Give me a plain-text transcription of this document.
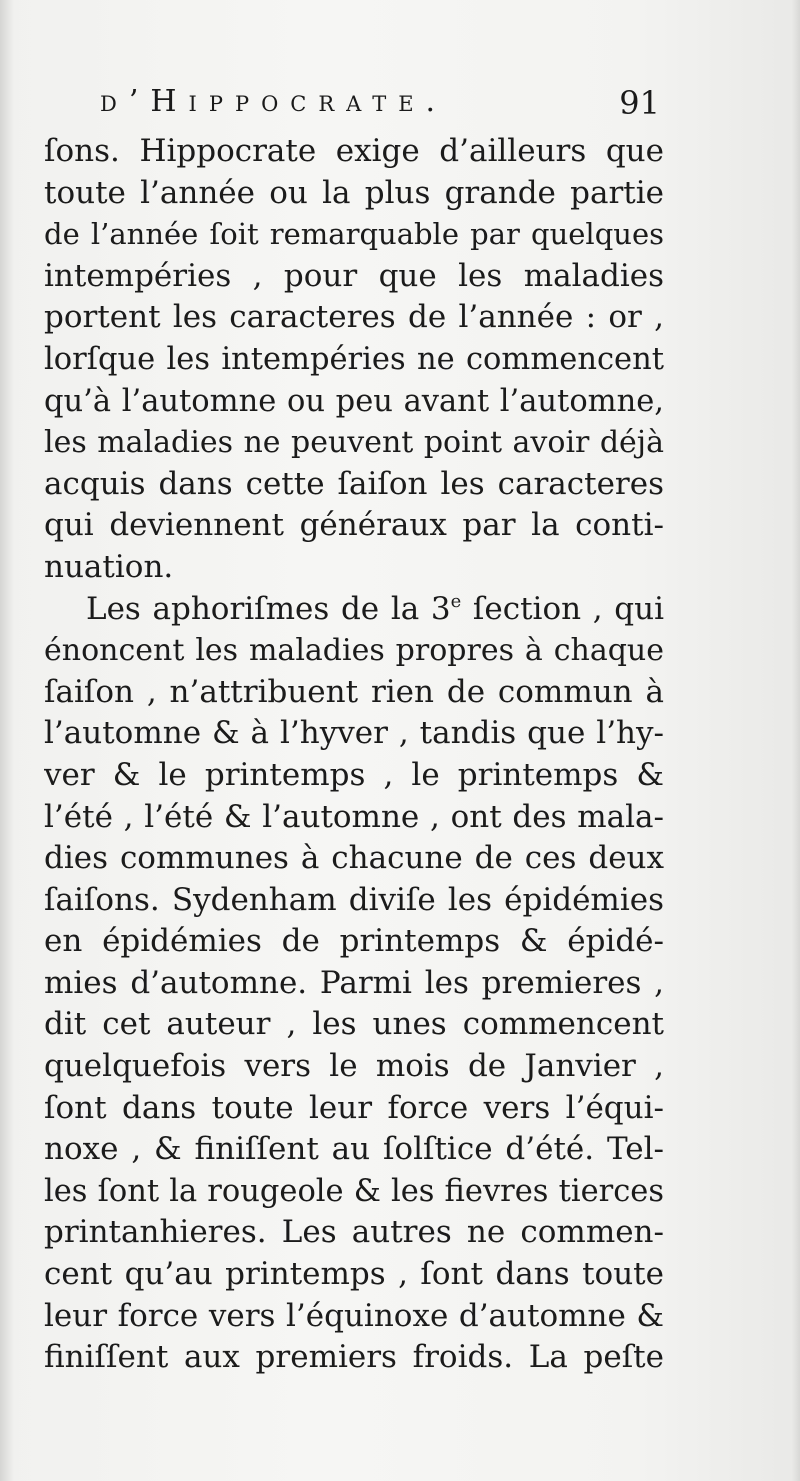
d’Hippocrate.	91
ſons. Hippocrate exige d’ailleurs que
toute l’année ou la plus grande partie
de l’année ſoit remarquable par quelques
intempéries , pour que les maladies
portent les caracteres de l’année : or ,
lorſque les intempéries ne commencent
qu’à l’automne ou peu avant l’automne,
les maladies ne peuvent point avoir déjà
acquis dans cette ſaiſon les caracteres
qui deviennent généraux par la conti-
nuation.
Les aphoriſmes de la 3e ſection , qui
énoncent les maladies propres à chaque
ſaiſon , n’attribuent rien de commun à
l’automne & à l’hyver , tandis que l’hy-
ver & le printemps , le printemps &
l’été , l’été & l’automne , ont des mala-
dies communes à chacune de ces deux
ſaiſons. Sydenham diviſe les épidémies
en épidémies de printemps & épidé-
mies d’automne. Parmi les premieres ,
dit cet auteur , les unes commencent
quelquefois vers le mois de Janvier ,
ſont dans toute leur force vers l’équi-
noxe , & finiſſent au ſolſtice d’été. Tel-
les ſont la rougeole & les fievres tierces
printanhieres. Les autres ne commen-
cent qu’au printemps , ſont dans toute
leur force vers l’équinoxe d’automne &
finiſſent aux premiers froids. La peſte
